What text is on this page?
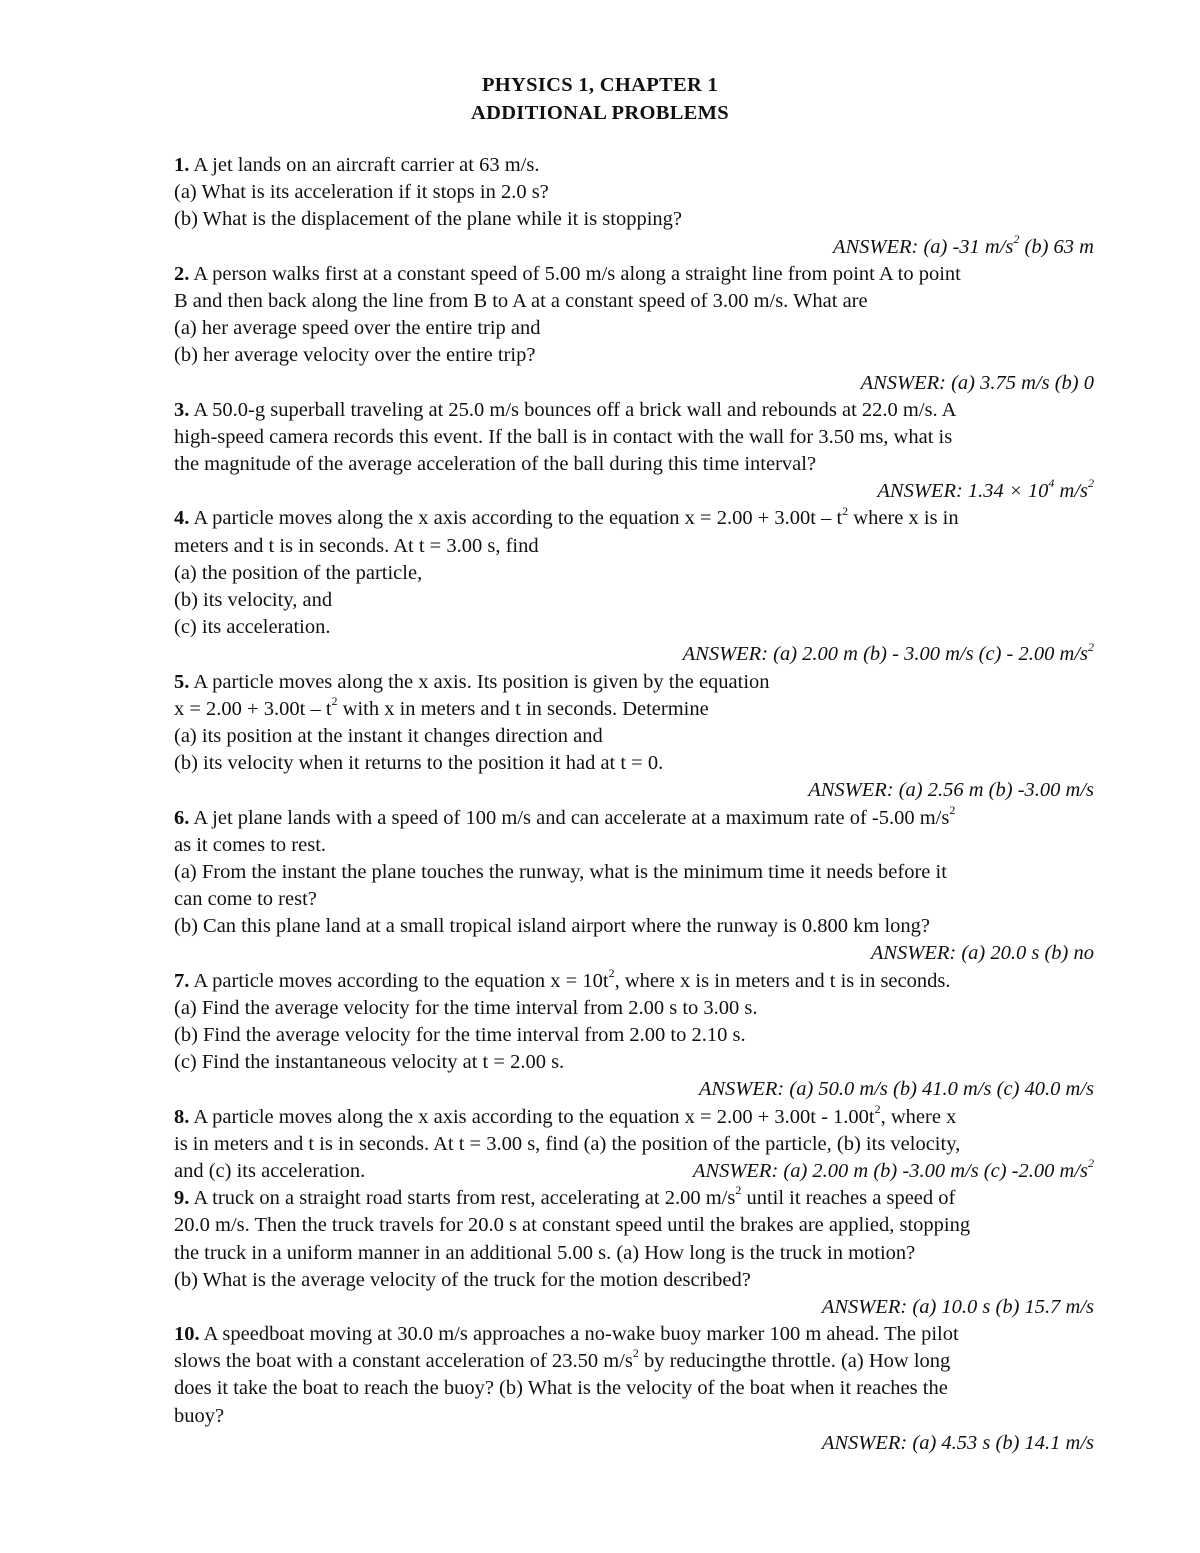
PHYSICS 1, CHAPTER 1
ADDITIONAL PROBLEMS
1. A jet lands on an aircraft carrier at 63 m/s.
(a) What is its acceleration if it stops in 2.0 s?
(b) What is the displacement of the plane while it is stopping?
ANSWER: (a) -31 $m/s^2$ (b) 63 m
2. A person walks first at a constant speed of 5.00 m/s along a straight line from point A to point
B and then back along the line from B to A at a constant speed of 3.00 m/s. What are
(a) her average speed over the entire trip and
(b) her average velocity over the entire trip?
ANSWER: (a) 3.75 m/s (b) 0
3. A 50.0-g superball traveling at 25.0 m/s bounces off a brick wall and rebounds at 22.0 m/s. A
high-speed camera records this event. If the ball is in contact with the wall for 3.50 ms, what is
the magnitude of the average acceleration of the ball during this time interval?
ANSWER: $1.34 \times 10^4$ $m/s^2$
4. A particle moves along the x axis according to the equation $x = 2.00 + 3.00t - t^2$ where x is in
meters and t is in seconds. At t = 3.00 s, find
(a) the position of the particle,
(b) its velocity, and
(c) its acceleration.
ANSWER: (a) 2.00 m (b) - 3.00 m/s (c) - 2.00 $m/s^2$
5. A particle moves along the x axis. Its position is given by the equation
$x = 2.00 + 3.00t - t^2$ with x in meters and t in seconds. Determine
(a) its position at the instant it changes direction and
(b) its velocity when it returns to the position it had at t = 0.
ANSWER: (a) 2.56 m (b) -3.00 m/s
6. A jet plane lands with a speed of 100 m/s and can accelerate at a maximum rate of -5.00 $m/s^2$
as it comes to rest.
(a) From the instant the plane touches the runway, what is the minimum time it needs before it
can come to rest?
(b) Can this plane land at a small tropical island airport where the runway is 0.800 km long?
ANSWER: (a) 20.0 s (b) no
7. A particle moves according to the equation $x = 10t^2$, where x is in meters and t is in seconds.
(a) Find the average velocity for the time interval from 2.00 s to 3.00 s.
(b) Find the average velocity for the time interval from 2.00 to 2.10 s.
(c) Find the instantaneous velocity at t = 2.00 s.
ANSWER: (a) 50.0 m/s (b) 41.0 m/s (c) 40.0 m/s
8. A particle moves along the x axis according to the equation $x = 2.00 + 3.00t - 1.00t^2$, where x
is in meters and t is in seconds. At t = 3.00 s, find (a) the position of the particle, (b) its velocity,
and (c) its acceleration.	ANSWER: (a) 2.00 m (b) -3.00 m/s (c) -2.00 $m/s^2$
9. A truck on a straight road starts from rest, accelerating at 2.00 $m/s^2$ until it reaches a speed of
20.0 m/s. Then the truck travels for 20.0 s at constant speed until the brakes are applied, stopping
the truck in a uniform manner in an additional 5.00 s. (a) How long is the truck in motion?
(b) What is the average velocity of the truck for the motion described?
ANSWER: (a) 10.0 s (b) 15.7 m/s
10. A speedboat moving at 30.0 m/s approaches a no-wake buoy marker 100 m ahead. The pilot
slows the boat with a constant acceleration of 23.50 $m/s^2$ by reducingthe throttle. (a) How long
does it take the boat to reach the buoy? (b) What is the velocity of the boat when it reaches the
buoy?
ANSWER: (a) 4.53 s (b) 14.1 m/s
